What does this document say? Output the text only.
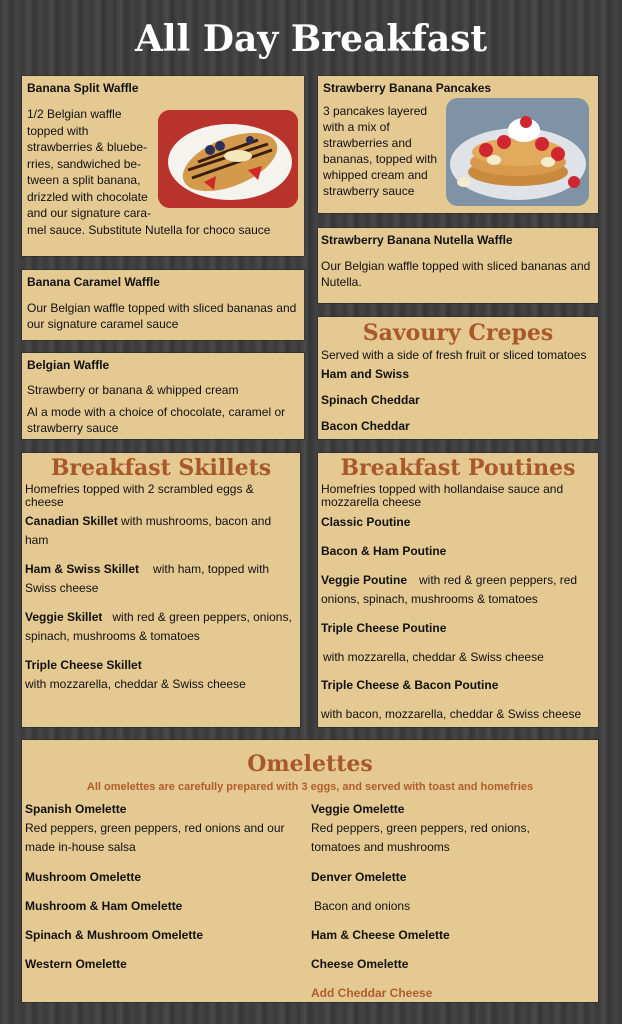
All Day Breakfast
Banana Split Waffle
1/2 Belgian waffle
topped with
strawberries & bluebe-
rries, sandwiched be-
tween a split banana,
drizzled with chocolate
and our signature cara-
mel sauce. Substitute Nutella for choco sauce
Strawberry Banana Pancakes
3 pancakes layered
with a mix of
strawberries and
bananas, topped with
whipped cream and
strawberry sauce
Strawberry Banana Nutella Waffle
Our Belgian waffle topped with sliced bananas and
Nutella.
Banana Caramel Waffle
Our Belgian waffle topped with sliced bananas and
our signature caramel sauce
Belgian Waffle
Strawberry or banana & whipped cream
Al a mode with a choice of chocolate, caramel or
strawberry sauce
Savoury Crepes
Served with a side of fresh fruit or sliced tomatoes
Ham and Swiss
Spinach Cheddar
Bacon Cheddar
Breakfast Skillets
Homefries topped with 2 scrambled eggs &
cheese
Canadian Skillet with mushrooms, bacon and
ham
Ham & Swiss Skillet with ham, topped with
Swiss cheese
Veggie Skillet with red & green peppers, onions,
spinach, mushrooms & tomatoes
Triple Cheese Skillet
with mozzarella, cheddar & Swiss cheese
Breakfast Poutines
Homefries topped with hollandaise sauce and
mozzarella cheese
Classic Poutine
Bacon & Ham Poutine
Veggie Poutine with red & green peppers, red
onions, spinach, mushrooms & tomatoes
Triple Cheese Poutine
with mozzarella, cheddar & Swiss cheese
Triple Cheese & Bacon Poutine
with bacon, mozzarella, cheddar & Swiss cheese
Omelettes
All omelettes are carefully prepared with 3 eggs, and served with toast and homefries
Spanish Omelette
Red peppers, green peppers, red onions and our
made in-house salsa
Mushroom Omelette
Mushroom & Ham Omelette
Spinach & Mushroom Omelette
Western Omelette
Veggie Omelette
Red peppers, green peppers, red onions,
tomatoes and mushrooms
Denver Omelette
Bacon and onions
Ham & Cheese Omelette
Cheese Omelette
Add Cheddar Cheese
